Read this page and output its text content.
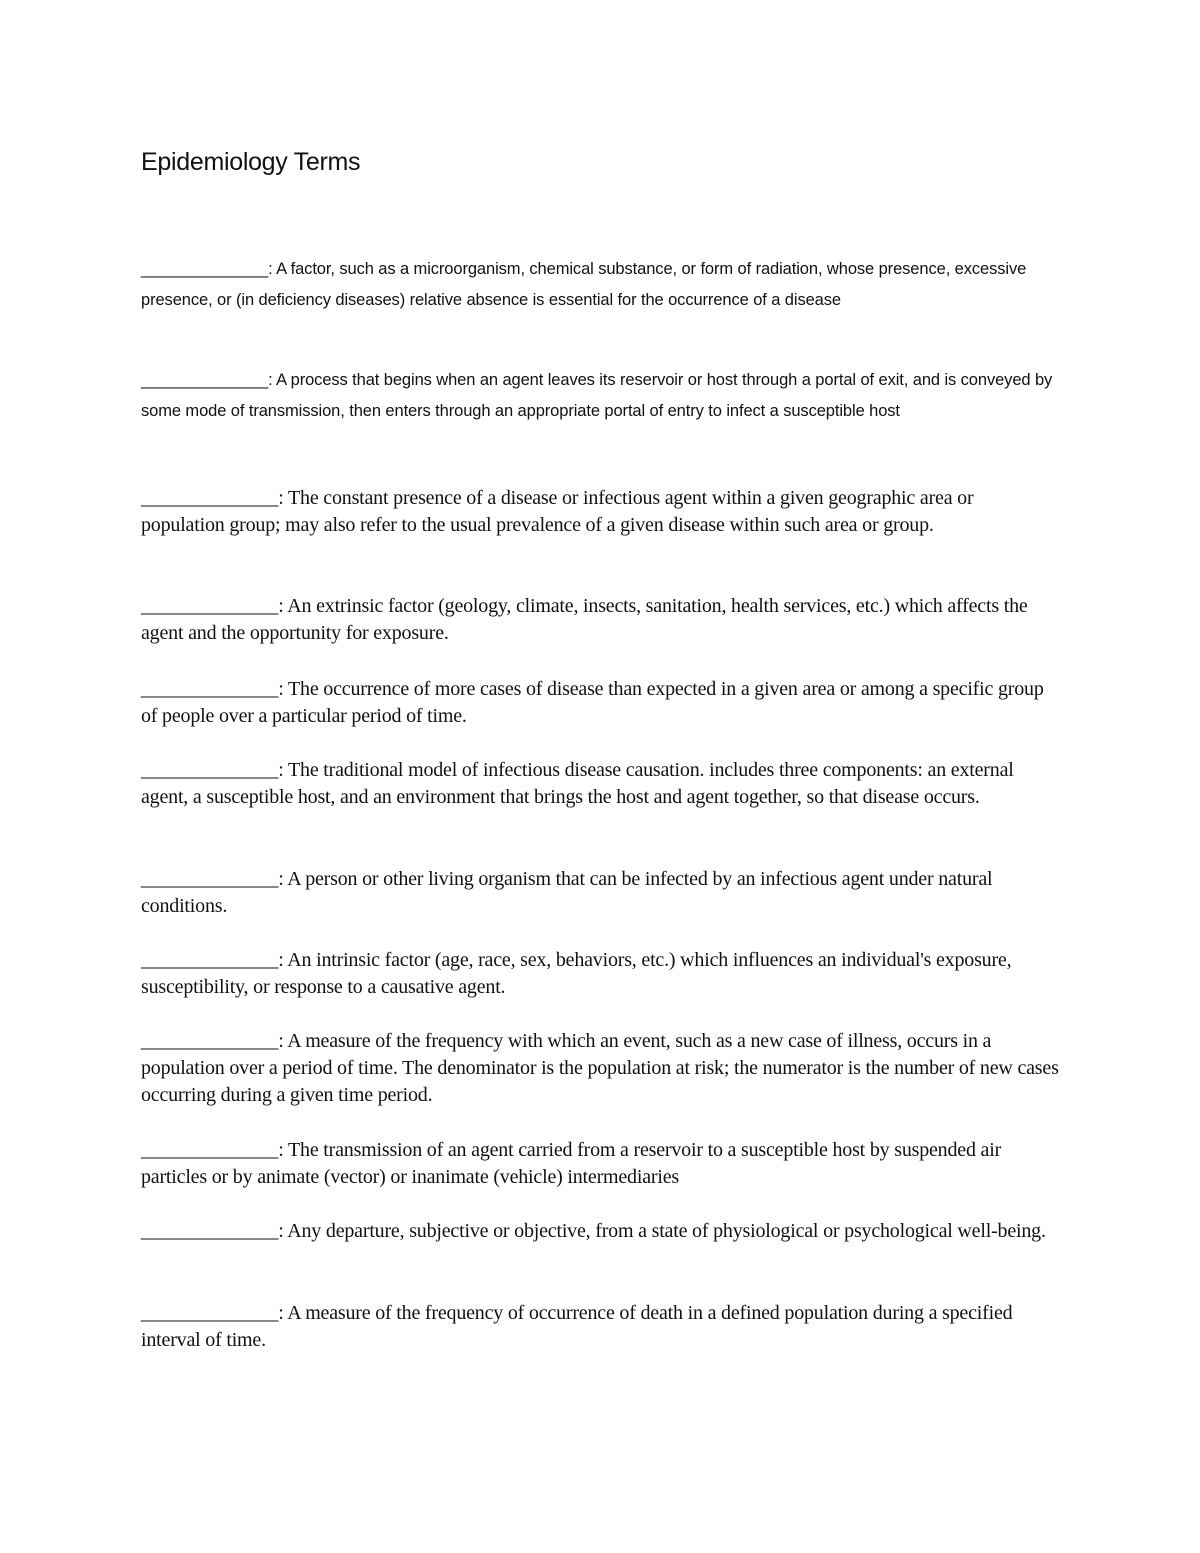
Epidemiology Terms

______________: A factor, such as a microorganism, chemical substance, or form of radiation, whose presence, excessive presence, or (in deficiency diseases) relative absence is essential for the occurrence of a disease

______________: A process that begins when an agent leaves its reservoir or host through a portal of exit, and is conveyed by some mode of transmission, then enters through an appropriate portal of entry to infect a susceptible host

______________: The constant presence of a disease or infectious agent within a given geographic area or population group; may also refer to the usual prevalence of a given disease within such area or group.

______________: An extrinsic factor (geology, climate, insects, sanitation, health services, etc.) which affects the agent and the opportunity for exposure.

______________: The occurrence of more cases of disease than expected in a given area or among a specific group of people over a particular period of time.

______________: The traditional model of infectious disease causation. includes three components: an external agent, a susceptible host, and an environment that brings the host and agent together, so that disease occurs.

______________: A person or other living organism that can be infected by an infectious agent under natural conditions.

______________: An intrinsic factor (age, race, sex, behaviors, etc.) which influences an individual's exposure, susceptibility, or response to a causative agent.

______________: A measure of the frequency with which an event, such as a new case of illness, occurs in a population over a period of time. The denominator is the population at risk; the numerator is the number of new cases occurring during a given time period.

______________: The transmission of an agent carried from a reservoir to a susceptible host by suspended air particles or by animate (vector) or inanimate (vehicle) intermediaries

______________: Any departure, subjective or objective, from a state of physiological or psychological well-being.

______________: A measure of the frequency of occurrence of death in a defined population during a specified interval of time.
